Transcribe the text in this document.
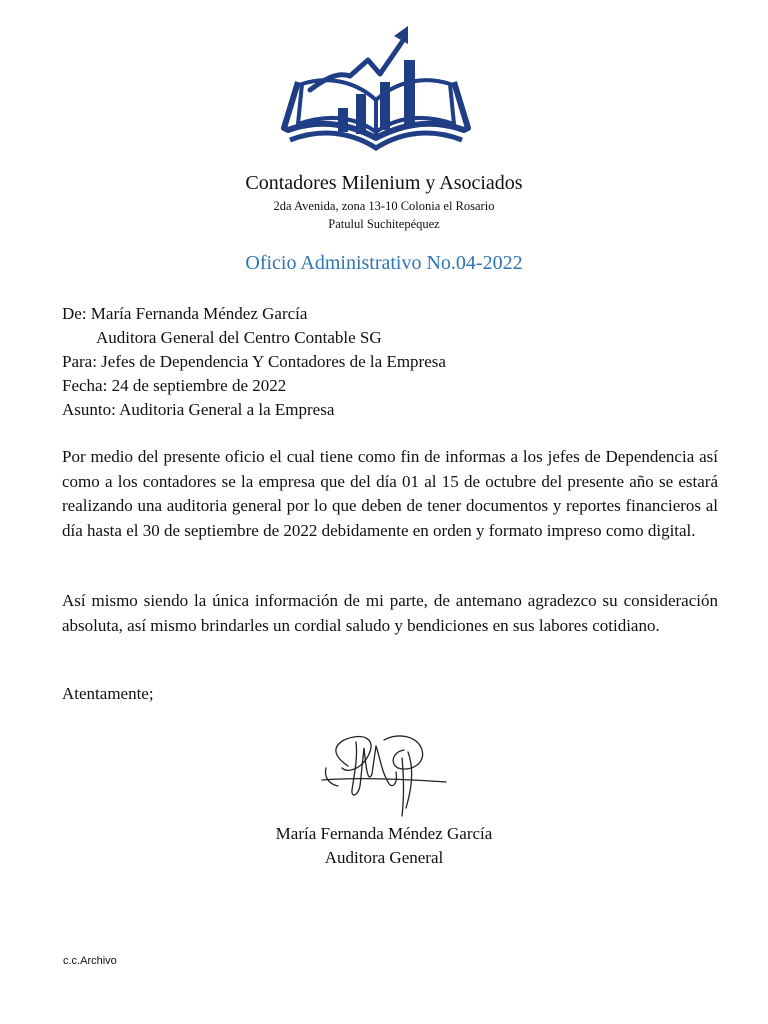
Contadores Milenium y Asociados
2da Avenida, zona 13-10 Colonia el Rosario
Patulul Suchitepéquez
Oficio Administrativo No.04-2022
De: María Fernanda Méndez García
Auditora General del Centro Contable SG
Para: Jefes de Dependencia Y Contadores de la Empresa
Fecha: 24 de septiembre de 2022
Asunto: Auditoria General a la Empresa
Por medio del presente oficio el cual tiene como fin de informas a los jefes de Dependencia así como a los contadores se la empresa que del día 01 al 15 de octubre del presente año se estará realizando una auditoria general por lo que deben de tener documentos y reportes financieros al día hasta el 30 de septiembre de 2022 debidamente en orden y formato impreso como digital.
Así mismo siendo la única información de mi parte, de antemano agradezco su consideración absoluta, así mismo brindarles un cordial saludo y bendiciones en sus labores cotidiano.
Atentamente;
María Fernanda Méndez García
Auditora General
c.c.Archivo
